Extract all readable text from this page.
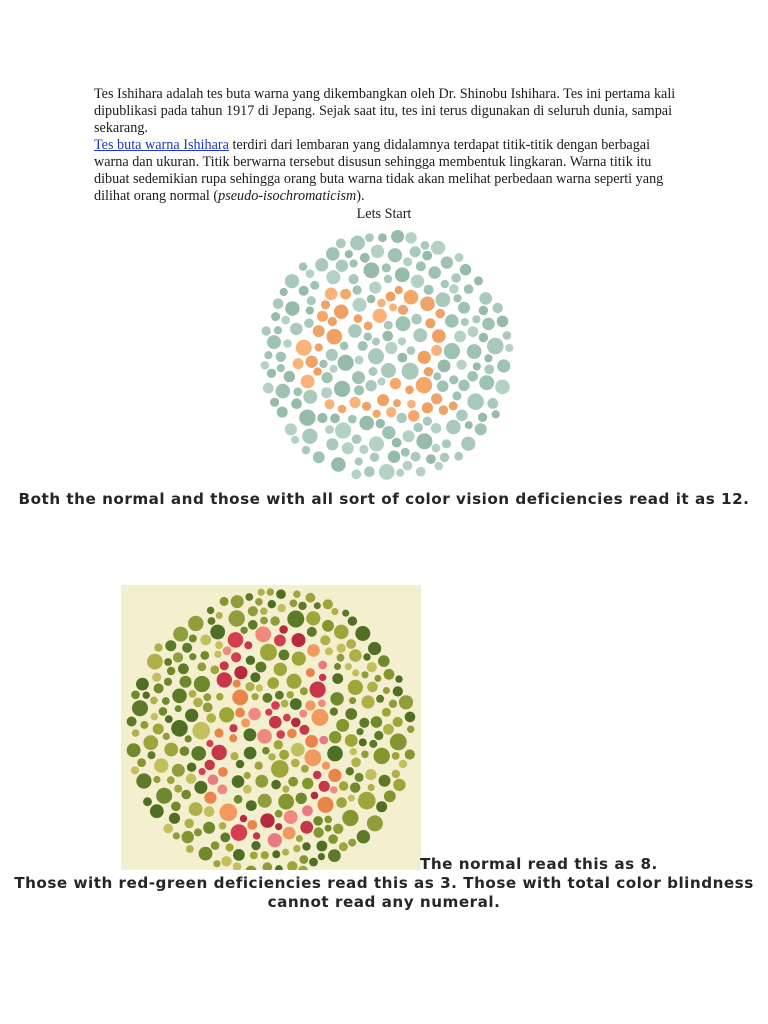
Tes Ishihara adalah tes buta warna yang dikembangkan oleh Dr. Shinobu Ishihara. Tes ini pertama kali dipublikasi pada tahun 1917 di Jepang. Sejak saat itu, tes ini terus digunakan di seluruh dunia, sampai sekarang.

Tes buta warna Ishihara terdiri dari lembaran yang didalamnya terdapat titik-titik dengan berbagai warna dan ukuran. Titik berwarna tersebut disusun sehingga membentuk lingkaran. Warna titik itu dibuat sedemikian rupa sehingga orang buta warna tidak akan melihat perbedaan warna seperti yang dilihat orang normal (pseudo-isochromaticism).

Lets Start
Both the normal and those with all sort of color vision deficiencies read it as 12.
The normal read this as 8.
Those with red-green deficiencies read this as 3. Those with total color blindness cannot read any numeral.
